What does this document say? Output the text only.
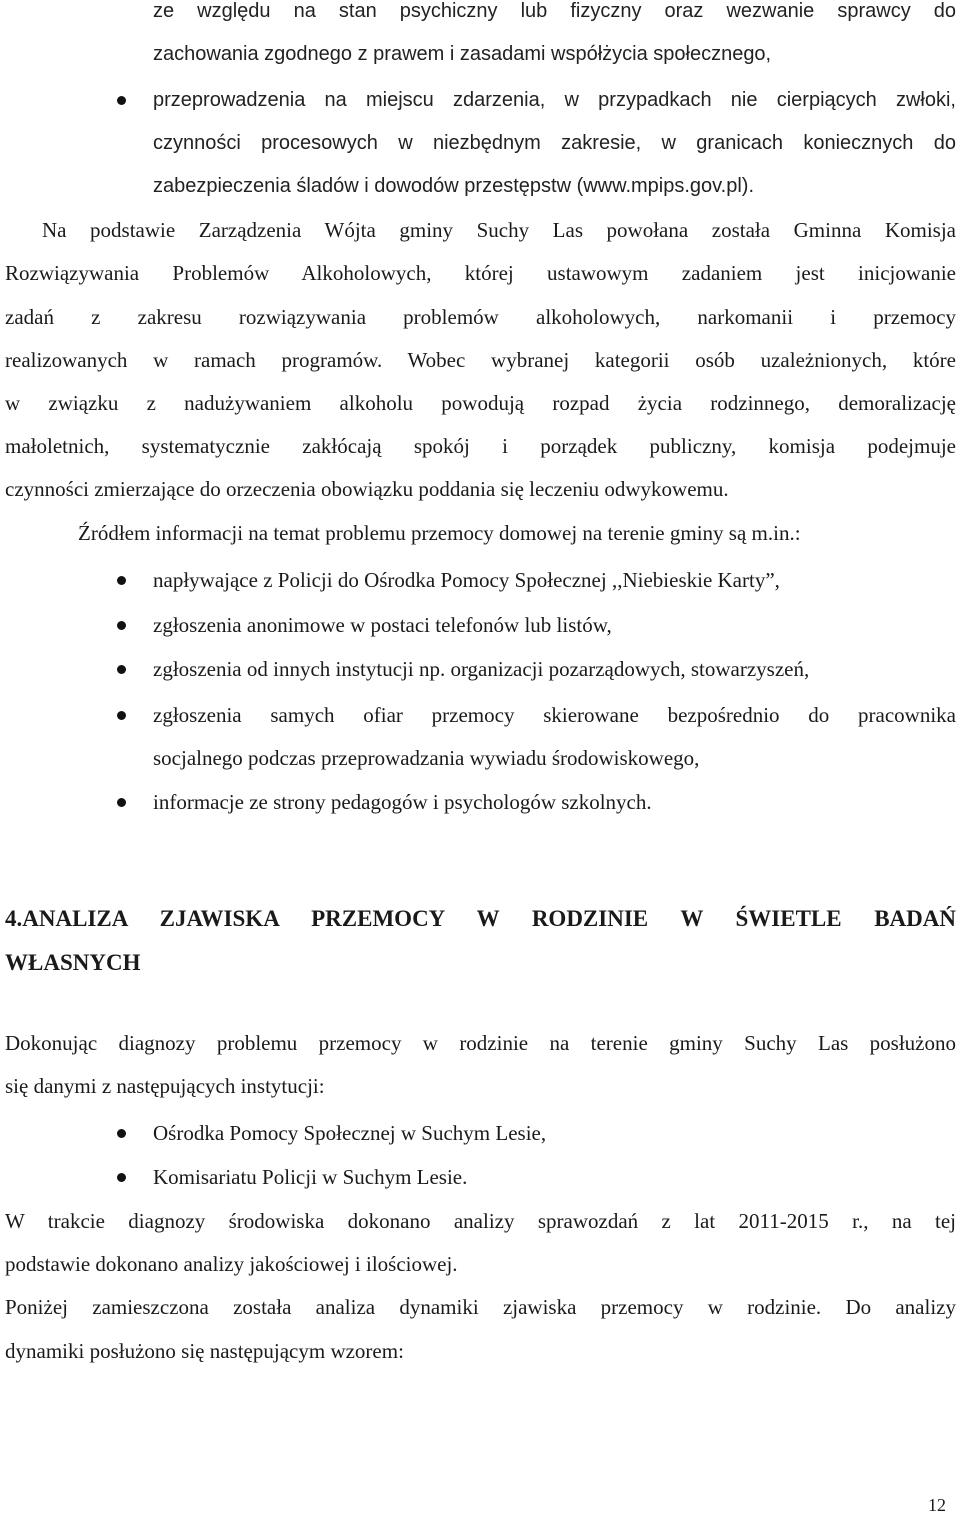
ze względu na stan psychiczny lub fizyczny oraz wezwanie sprawcy do
zachowania zgodnego z prawem i zasadami współżycia społecznego,
przeprowadzenia na miejscu zdarzenia, w przypadkach nie cierpiących zwłoki,
czynności procesowych w niezbędnym zakresie, w granicach koniecznych do
zabezpieczenia śladów i dowodów przestępstw (www.mpips.gov.pl).
Na podstawie Zarządzenia Wójta gminy Suchy Las powołana została Gminna Komisja
Rozwiązywania Problemów Alkoholowych, której ustawowym zadaniem jest inicjowanie
zadań z zakresu rozwiązywania problemów alkoholowych, narkomanii i przemocy
realizowanych w ramach programów. Wobec wybranej kategorii osób uzależnionych, które
w związku z nadużywaniem alkoholu powodują rozpad życia rodzinnego, demoralizację
małoletnich, systematycznie zakłócają spokój i porządek publiczny, komisja podejmuje
czynności zmierzające do orzeczenia obowiązku poddania się leczeniu odwykowemu.
Źródłem informacji na temat problemu przemocy domowej na terenie gminy są m.in.:
napływające z Policji do Ośrodka Pomocy Społecznej ,,Niebieskie Karty”,
zgłoszenia anonimowe w postaci telefonów lub listów,
zgłoszenia od innych instytucji np. organizacji pozarządowych, stowarzyszeń,
zgłoszenia samych ofiar przemocy skierowane bezpośrednio do pracownika
socjalnego podczas przeprowadzania wywiadu środowiskowego,
informacje ze strony pedagogów i psychologów szkolnych.
4.ANALIZA ZJAWISKA PRZEMOCY W RODZINIE W ŚWIETLE BADAŃ
WŁASNYCH
Dokonując diagnozy problemu przemocy w rodzinie na terenie gminy Suchy Las posłużono
się danymi z następujących instytucji:
Ośrodka Pomocy Społecznej w Suchym Lesie,
Komisariatu Policji w Suchym Lesie.
W trakcie diagnozy środowiska dokonano analizy sprawozdań z lat 2011-2015 r., na tej
podstawie dokonano analizy jakościowej i ilościowej.
Poniżej zamieszczona została analiza dynamiki zjawiska przemocy w rodzinie. Do analizy
dynamiki posłużono się następującym wzorem:
12
